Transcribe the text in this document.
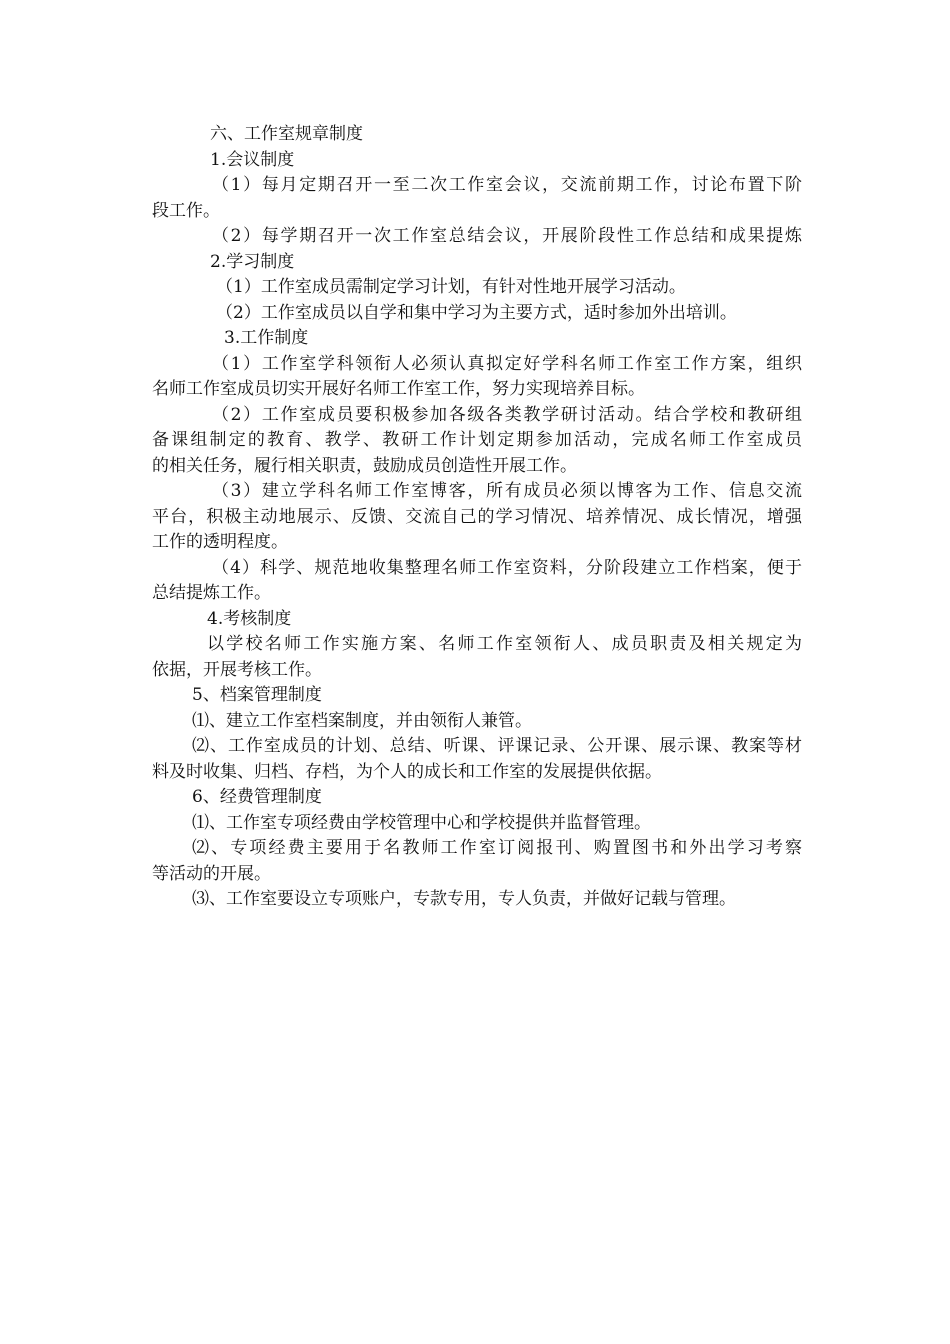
六、工作室规章制度
1.会议制度
（1）每月定期召开一至二次工作室会议，交流前期工作，讨论布置下阶
段工作。
（2）每学期召开一次工作室总结会议，开展阶段性工作总结和成果提炼
2.学习制度
（1）工作室成员需制定学习计划，有针对性地开展学习活动。
（2）工作室成员以自学和集中学习为主要方式，适时参加外出培训。
3.工作制度
（1）工作室学科领衔人必须认真拟定好学科名师工作室工作方案，组织
名师工作室成员切实开展好名师工作室工作，努力实现培养目标。
（2）工作室成员要积极参加各级各类教学研讨活动。结合学校和教研组
备课组制定的教育、教学、教研工作计划定期参加活动，完成名师工作室成员
的相关任务，履行相关职责，鼓励成员创造性开展工作。
（3）建立学科名师工作室博客，所有成员必须以博客为工作、信息交流
平台，积极主动地展示、反馈、交流自己的学习情况、培养情况、成长情况，增强
工作的透明程度。
（4）科学、规范地收集整理名师工作室资料，分阶段建立工作档案，便于
总结提炼工作。
4.考核制度
以学校名师工作实施方案、名师工作室领衔人、成员职责及相关规定为
依据，开展考核工作。
5、档案管理制度
⑴、建立工作室档案制度，并由领衔人兼管。
⑵、工作室成员的计划、总结、听课、评课记录、公开课、展示课、教案等材
料及时收集、归档、存档，为个人的成长和工作室的发展提供依据。
6、经费管理制度
⑴、工作室专项经费由学校管理中心和学校提供并监督管理。
⑵、专项经费主要用于名教师工作室订阅报刊、购置图书和外出学习考察
等活动的开展。
⑶、工作室要设立专项账户，专款专用，专人负责，并做好记载与管理。
